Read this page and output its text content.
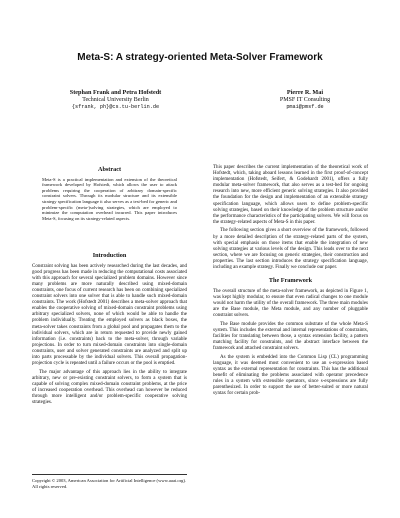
Meta-S: A strategy-oriented Meta-Solver Framework
Stephan Frank and Petra Hofstedt
Technical University Berlin
{sfrank, ph}@cs.tu-berlin.de
Pierre R. Mai
PMSF IT Consulting
pmai@pmsf.de
Abstract
Meta-S is a practical implementation and extension of the theoretical framework developed by Hofstedt, which allows the user to attack problems requiring the cooperation of arbitrary domain-specific constraint solvers. Through its modular structure and its extensible strategy specification language it also serves as a test-bed for generic and problem-specific (meta-)solving strategies, which are employed to minimize the computation overhead incurred. This paper introduces Meta-S, focusing on its strategy-related aspects.
Introduction

Constraint solving has been actively researched during the last decades, and good progress has been made in reducing the computational costs associated with this approach for several specialized problem domains. However since many problems are more naturally described using mixed-domain constraints, one focus of current research has been on combining specialized constraint solvers into one solver that is able to handle such mixed-domain constraints. The work (Hofstedt 2001) describes a meta-solver approach that enables the cooperative solving of mixed-domain constraint problems using arbitrary specialized solvers, none of which would be able to handle the problem individually. Treating the employed solvers as black boxes, the meta-solver takes constraints from a global pool and propagates them to the individual solvers, which are in return requested to provide newly gained information (i.e. constraints) back to the meta-solver, through variable projections. In order to turn mixed-domain constraints into single-domain constraints, user and solver generated constraints are analyzed and split up into parts processable by the individual solvers. This overall propagation-projection cycle is repeated until a failure occurs or the pool is emptied.

The major advantage of this approach lies in the ability to integrate arbitrary, new or pre-existing constraint solvers, to form a system that is capable of solving complex mixed-domain constraint problems, at the price of increased cooperation overhead. This overhead can however be reduced through more intelligent and/or problem-specific cooperative solving strategies.

This paper describes the current implementation of the theoretical work of Hofstedt, which, taking aboard lessons learned in the first proof-of-concept implementation (Hofstedt, Seifert, & Godehardt 2001), offers a fully modular meta-solver framework, that also serves as a test-bed for ongoing research into new, more efficient generic solving strategies. It also provided the foundation for the design and implementation of an extensible strategy specification language, which allows users to define problem-specific solving strategies, based on their knowledge of the problem structure and/or the performance characteristics of the participating solvers. We will focus on the strategy-related aspects of Meta-S in this paper.

The following section gives a short overview of the framework, followed by a more detailed description of the strategy-related parts of the system, with special emphasis on those items that enable the integration of new solving strategies at various levels of the design. This leads over to the next section, where we are focusing on generic strategies, their construction and properties. The last section introduces the strategy specification language, including an example strategy. Finally we conclude our paper.

The Framework

The overall structure of the meta-solver framework, as depicted in Figure 1, was kept highly modular, to ensure that even radical changes to one module would not harm the utility of the overall framework. The three main modules are the Base module, the Meta module, and any number of pluggable constraint solvers.

The Base module provides the common substrate of the whole Meta-S system. This includes the external and internal representations of constraints, facilities for translating between those, a syntax extension facility, a pattern matching facility for constraints, and the abstract interface between the framework and attached constraint solvers.

As the system is embedded into the Common Lisp (CL) programming language, it was deemed most convenient to use an s-expression based syntax as the external representation for constraints. This has the additional benefit of eliminating the problems associated with operator precedence rules in a system with extensible operators, since s-expressions are fully parenthesized. In order to support the use of better-suited or more natural syntax for certain prob-

Copyright © 2003, American Association for Artificial Intelligence (www.aaai.org). All rights reserved.
